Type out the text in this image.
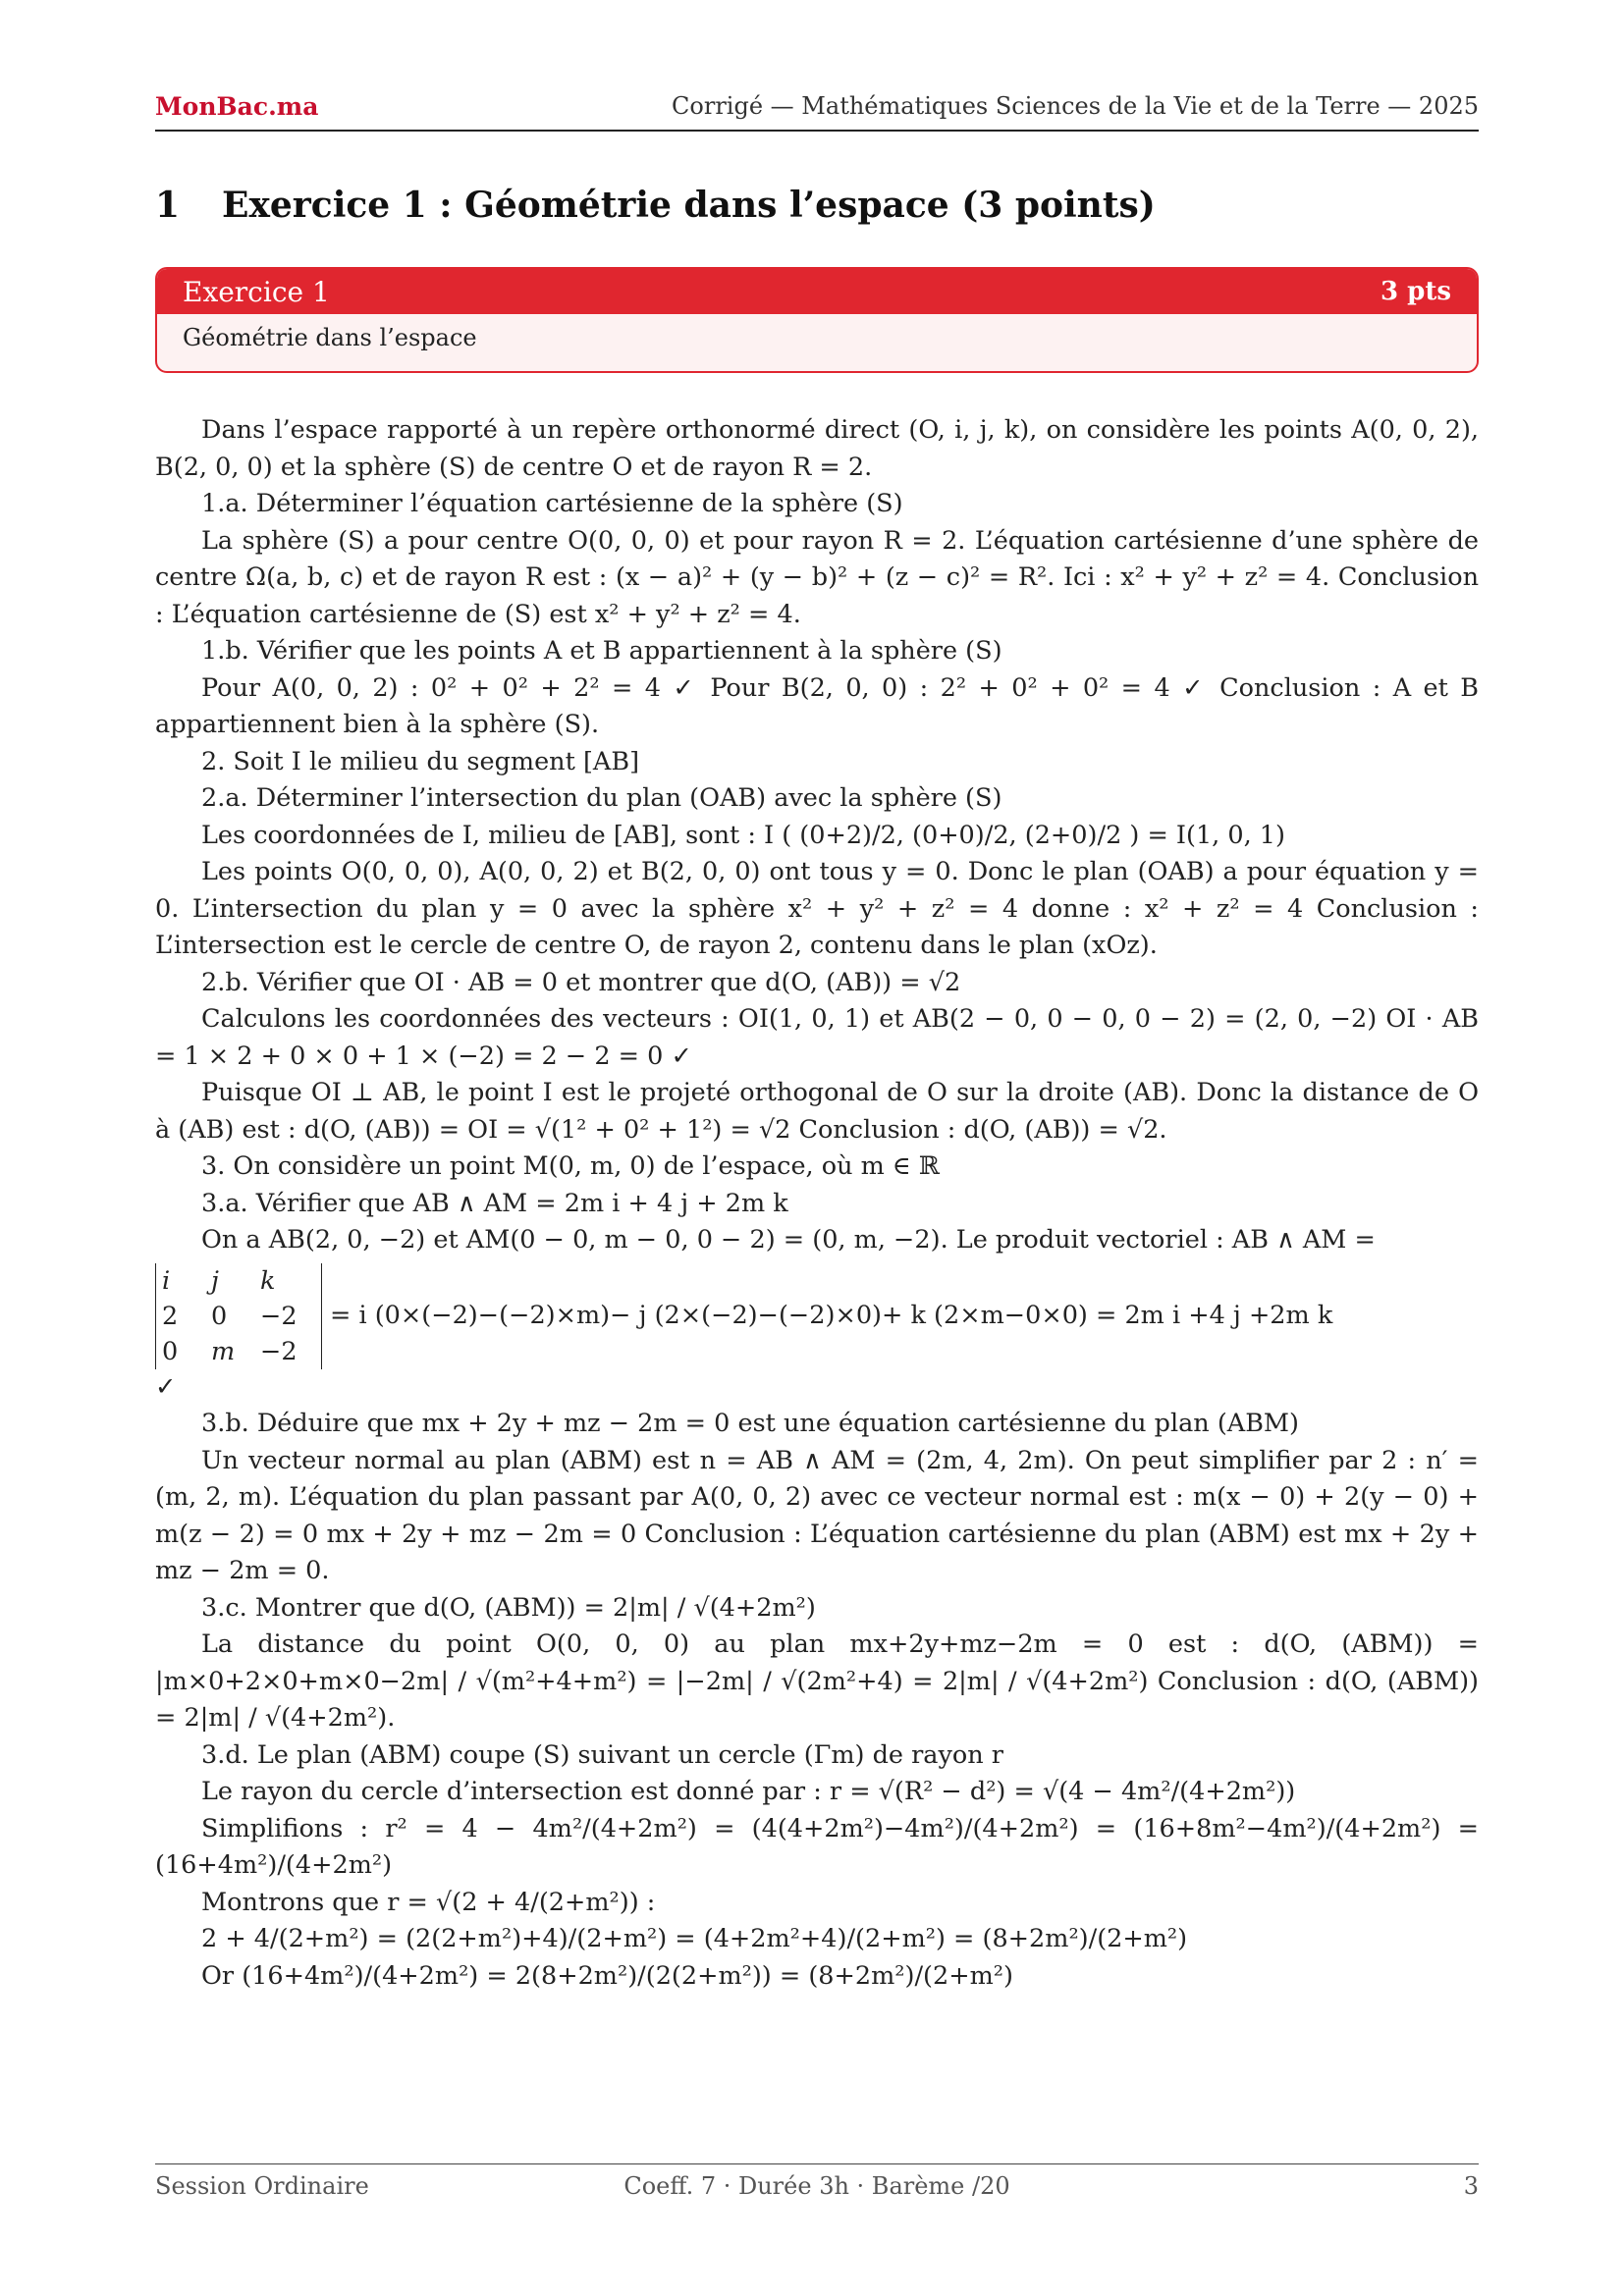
MonBac.ma	Corrigé — Mathématiques Sciences de la Vie et de la Terre — 2025
1 Exercice 1 : Géométrie dans l’espace (3 points)
Exercice 1	3 pts
Géométrie dans l’espace

Dans l’espace rapporté à un repère orthonormé direct (O, i, j, k), on considère les points A(0, 0, 2), B(2, 0, 0) et la sphère (S) de centre O et de rayon R = 2.

1.a. Déterminer l’équation cartésienne de la sphère (S)

La sphère (S) a pour centre O(0, 0, 0) et pour rayon R = 2. L’équation cartésienne d’une sphère de centre Ω(a, b, c) et de rayon R est : (x − a)² + (y − b)² + (z − c)² = R². Ici : x² + y² + z² = 4. Conclusion : L’équation cartésienne de (S) est x² + y² + z² = 4.

1.b. Vérifier que les points A et B appartiennent à la sphère (S)

Pour A(0, 0, 2) : 0² + 0² + 2² = 4 ✓ Pour B(2, 0, 0) : 2² + 0² + 0² = 4 ✓ Conclusion : A et B appartiennent bien à la sphère (S).

2. Soit I le milieu du segment [AB]

2.a. Déterminer l’intersection du plan (OAB) avec la sphère (S)

Les coordonnées de I, milieu de [AB], sont : I ( (0+2)/2, (0+0)/2, (2+0)/2 ) = I(1, 0, 1)

Les points O(0, 0, 0), A(0, 0, 2) et B(2, 0, 0) ont tous y = 0. Donc le plan (OAB) a pour équation y = 0. L’intersection du plan y = 0 avec la sphère x² + y² + z² = 4 donne : x² + z² = 4 Conclusion : L’intersection est le cercle de centre O, de rayon 2, contenu dans le plan (xOz).

2.b. Vérifier que OI · AB = 0 et montrer que d(O, (AB)) = √2

Calculons les coordonnées des vecteurs : OI(1, 0, 1) et AB(2 − 0, 0 − 0, 0 − 2) = (2, 0, −2) OI · AB = 1 × 2 + 0 × 0 + 1 × (−2) = 2 − 2 = 0 ✓

Puisque OI ⊥ AB, le point I est le projeté orthogonal de O sur la droite (AB). Donc la distance de O à (AB) est : d(O, (AB)) = OI = √(1² + 0² + 1²) = √2 Conclusion : d(O, (AB)) = √2.

3. On considère un point M(0, m, 0) de l’espace, où m ∈ ℝ

3.a. Vérifier que AB ∧ AM = 2m i + 4 j + 2m k

On a AB(2, 0, −2) et AM(0 − 0, m − 0, 0 − 2) = (0, m, −2). Le produit vectoriel : AB ∧ AM =

i	j	k
2	0	−2
0	m	−2
= i (0×(−2)−(−2)×m)− j (2×(−2)−(−2)×0)+ k (2×m−0×0) = 2m i +4 j +2m k

✓

3.b. Déduire que mx + 2y + mz − 2m = 0 est une équation cartésienne du plan (ABM)

Un vecteur normal au plan (ABM) est n = AB ∧ AM = (2m, 4, 2m). On peut simplifier par 2 : n′ = (m, 2, m). L’équation du plan passant par A(0, 0, 2) avec ce vecteur normal est : m(x − 0) + 2(y − 0) + m(z − 2) = 0 mx + 2y + mz − 2m = 0 Conclusion : L’équation cartésienne du plan (ABM) est mx + 2y + mz − 2m = 0.

3.c. Montrer que d(O, (ABM)) = 2|m| / √(4+2m²)

La distance du point O(0, 0, 0) au plan mx+2y+mz−2m = 0 est : d(O, (ABM)) = |m×0+2×0+m×0−2m| / √(m²+4+m²) = |−2m| / √(2m²+4) = 2|m| / √(4+2m²) Conclusion : d(O, (ABM)) = 2|m| / √(4+2m²).

3.d. Le plan (ABM) coupe (S) suivant un cercle (Γm) de rayon r

Le rayon du cercle d’intersection est donné par : r = √(R² − d²) = √(4 − 4m²/(4+2m²))

Simplifions : r² = 4 − 4m²/(4+2m²) = (4(4+2m²)−4m²)/(4+2m²) = (16+8m²−4m²)/(4+2m²) = (16+4m²)/(4+2m²)

Montrons que r = √(2 + 4/(2+m²)) :

2 + 4/(2+m²) = (2(2+m²)+4)/(2+m²) = (4+2m²+4)/(2+m²) = (8+2m²)/(2+m²)

Or (16+4m²)/(4+2m²) = 2(8+2m²)/(2(2+m²)) = (8+2m²)/(2+m²)

Session Ordinaire	Coeff. 7 · Durée 3h · Barème /20	3
